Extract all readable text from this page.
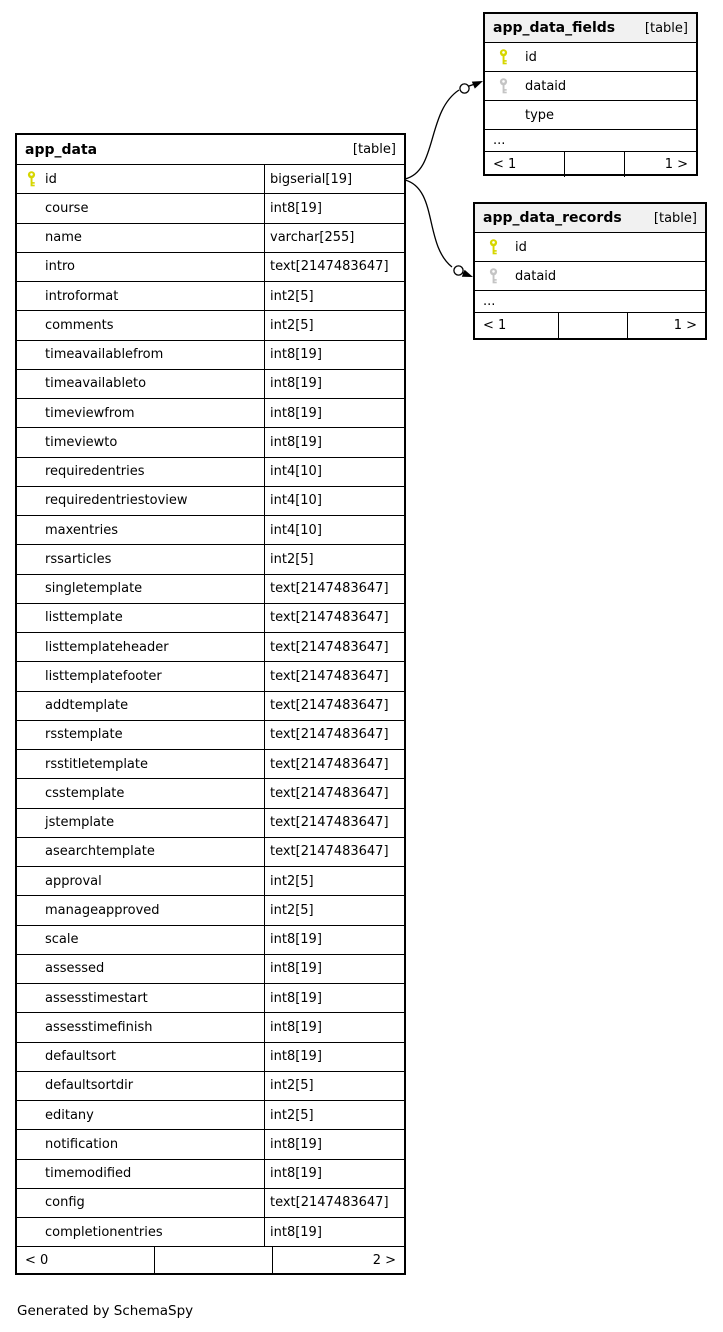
app_data	[table]
id	bigserial[19]
course	int8[19]
name	varchar[255]
intro	text[2147483647]
introformat	int2[5]
comments	int2[5]
timeavailablefrom	int8[19]
timeavailableto	int8[19]
timeviewfrom	int8[19]
timeviewto	int8[19]
requiredentries	int4[10]
requiredentriestoview	int4[10]
maxentries	int4[10]
rssarticles	int2[5]
singletemplate	text[2147483647]
listtemplate	text[2147483647]
listtemplateheader	text[2147483647]
listtemplatefooter	text[2147483647]
addtemplate	text[2147483647]
rsstemplate	text[2147483647]
rsstitletemplate	text[2147483647]
csstemplate	text[2147483647]
jstemplate	text[2147483647]
asearchtemplate	text[2147483647]
approval	int2[5]
manageapproved	int2[5]
scale	int8[19]
assessed	int8[19]
assesstimestart	int8[19]
assesstimefinish	int8[19]
defaultsort	int8[19]
defaultsortdir	int2[5]
editany	int2[5]
notification	int8[19]
timemodified	int8[19]
config	text[2147483647]
completionentries	int8[19]
< 0	2 >
app_data_fields [table]
id
dataid
type
...
< 1	1 >
app_data_records [table]
id
dataid
...
< 1	1 >
Generated by SchemaSpy
